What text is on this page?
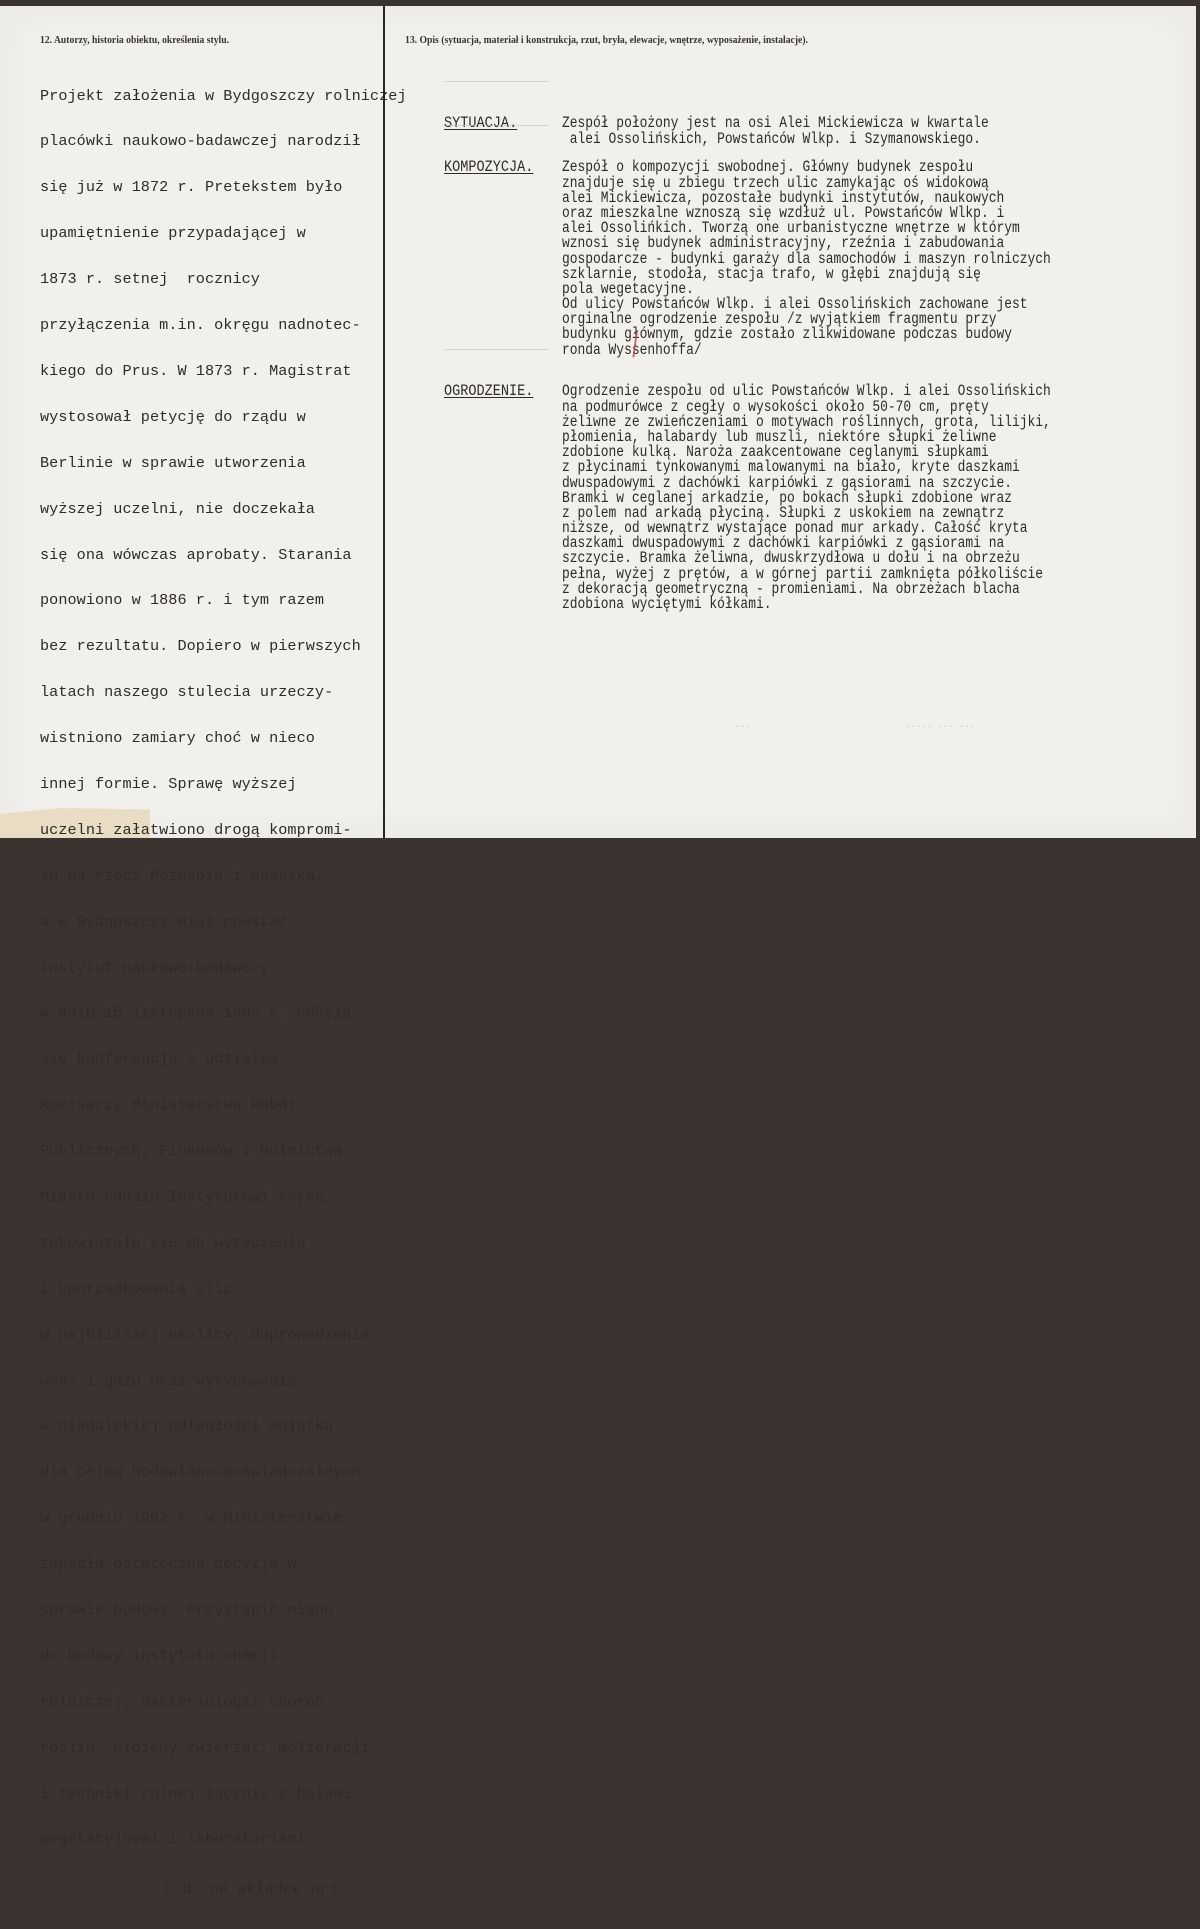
12. Autorzy, historia obiektu, określenia stylu.

Projekt założenia w Bydgoszczy rolniczej

placówki naukowo-badawczej narodził

się już w 1872 r. Pretekstem było

upamiętnienie przypadającej w

1873 r. setnej  rocznicy

przyłączenia m.in. okręgu nadnotec-

kiego do Prus. W 1873 r. Magistrat

wystosował petycję do rządu w

Berlinie w sprawie utworzenia

wyższej uczelni, nie doczekała

się ona wówczas aprobaty. Starania

ponowiono w 1886 r. i tym razem

bez rezultatu. Dopiero w pierwszych

latach naszego stulecia urzeczy-

wistniono zamiary choć w nieco

innej formie. Sprawę wyższej

uczelni załatwiono drogą kompromi-

su na rzecz Poznania i Gdańska,

a w Bydgoszczy miał powstać

instytut naukowo-badawczy.

W dniu 15 listopada 1902 r. odbyła

się konferencja z udziałem

Komisarzy Ministerstwa Robót

Publicznych, Finansów i Rolnictwa.

Miasto oddało Instytutowi teren,

zobowiązało się do wytyczenia

i uporządkowania ulic.

W najbliższej okolicy, doprowadzenia

wody i gazu oraz wytypowania

w niedalekiej odległości majątku

dla celów hodowlano-doświadczalnych.

W grudniu 1902 r. w Ministerstwie

zapadła ostateczna decyzja w

sprawie budowy. Przystąpić miano

do budowy instytutu chemii

rolniczej, bakteriologii chorób

roślin, higieny zwierząt, melioracji

i techniki rolnej łącznie z halami

wegetacyjnymi i laboratoriami.

c.d. na wkładce nr1

13. Opis (sytuacja, materiał i konstrukcja, rzut, bryła, elewacje, wnętrze, wyposażenie, instalacje).

SYTUACJA.	Zespół położony jest na osi Alei Mickiewicza w kwartale
alei Ossolińskich, Powstańców Wlkp. i Szymanowskiego.

KOMPOZYCJA.	Zespół o kompozycji swobodnej. Główny budynek zespołu
znajduje się u zbiegu trzech ulic zamykając oś widokową
alei Mickiewicza, pozostałe budynki instytutów, naukowych
oraz mieszkalne wznoszą się wzdłuż ul. Powstańców Wlkp. i
alei Ossolińkich. Tworzą one urbanistyczne wnętrze w którym
wznosi się budynek administracyjny, rzeźnia i zabudowania
gospodarcze - budynki garaży dla samochodów i maszyn rolniczych
szklarnie, stodoła, stacja trafo, w głębi znajdują się
pola wegetacyjne.
Od ulicy Powstańców Wlkp. i alei Ossolińskich zachowane jest
orginalne ogrodzenie zespołu /z wyjątkiem fragmentu przy
budynku głównym, gdzie zostało zlikwidowane podczas budowy
ronda Wyssenhoffa/

OGRODZENIE.	Ogrodzenie zespołu od ulic Powstańców Wlkp. i alei Ossolińskich
na podmurówce z cegły o wysokości około 50-70 cm, pręty
żeliwne ze zwieńczeniami o motywach roślinnych, grota, lilijki,
płomienia, halabardy lub muszli, niektóre słupki żeliwne
zdobione kulką. Naroża zaakcentowane ceglanymi słupkami
z płycinami tynkowanymi malowanymi na biało, kryte daszkami
dwuspadowymi z dachówki karpiówki z gąsiorami na szczycie.
Bramki w ceglanej arkadzie, po bokach słupki zdobione wraz
z polem nad arkadą płyciną. Słupki z uskokiem na zewnątrz
niższe, od wewnątrz wystające ponad mur arkady. Całość kryta
daszkami dwuspadowymi z dachówki karpiówki z gąsiorami na
szczycie. Bramka żeliwna, dwuskrzydłowa u dołu i na obrzeżu
pełna, wyżej z prętów, a w górnej partii zamknięta półkoliście
z dekoracją geometryczną - promieniami. Na obrzeżach blacha
zdobiona wyciętymi kółkami.

···	··· ··· ·····
